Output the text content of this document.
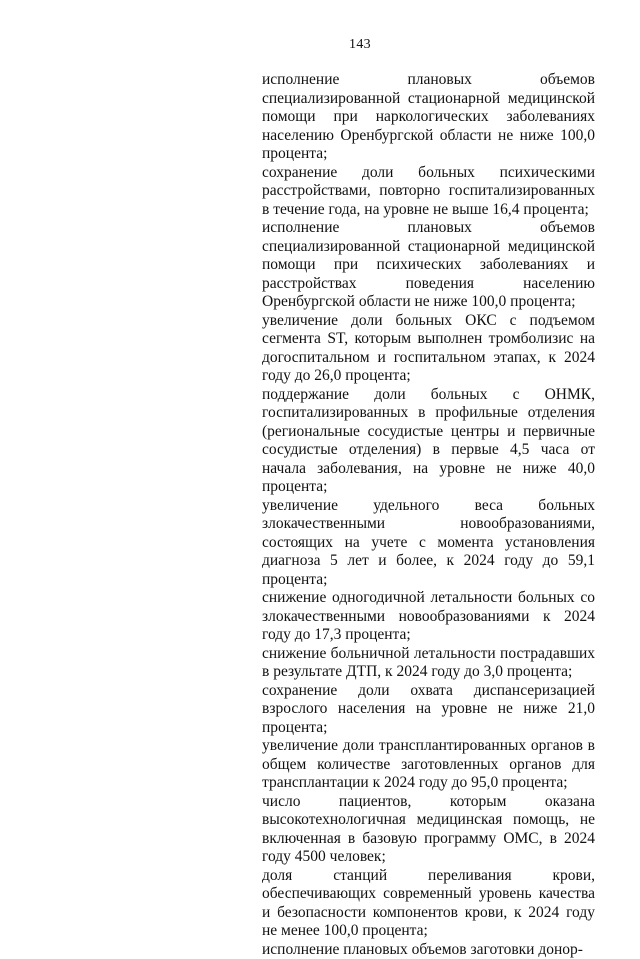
143

исполнение плановых объемов специализированной стационарной медицинской помощи при наркологических заболеваниях населению Оренбургской области не ниже 100,0 процента;

сохранение доли больных психическими расстройствами, повторно госпитализированных в течение года, на уровне не выше 16,4 процента;

исполнение плановых объемов специализированной стационарной медицинской помощи при психических заболеваниях и расстройствах поведения населению Оренбургской области не ниже 100,0 процента;

увеличение доли больных ОКС с подъемом сегмента ST, которым выполнен тромболизис на догоспитальном и госпитальном этапах, к 2024 году до 26,0 процента;

поддержание доли больных с ОНМК, госпитализированных в профильные отделения (региональные сосудистые центры и первичные сосудистые отделения) в первые 4,5 часа от начала заболевания, на уровне не ниже 40,0 процента;

увеличение удельного веса больных злокачественными новообразованиями, состоящих на учете с момента установления диагноза 5 лет и более, к 2024 году до 59,1 процента;

снижение одногодичной летальности больных со злокачественными новообразованиями к 2024 году до 17,3 процента;

снижение больничной летальности пострадавших в результате ДТП, к 2024 году до 3,0 процента;

сохранение доли охвата диспансеризацией взрослого населения на уровне не ниже 21,0 процента;

увеличение доли трансплантированных органов в общем количестве заготовленных органов для трансплантации к 2024 году до 95,0 процента;

число пациентов, которым оказана высокотехнологичная медицинская помощь, не включенная в базовую программу ОМС, в 2024 году 4500 человек;

доля станций переливания крови, обеспечивающих современный уровень качества и безопасности компонентов крови, к 2024 году не менее 100,0 процента;

исполнение плановых объемов заготовки донор-
